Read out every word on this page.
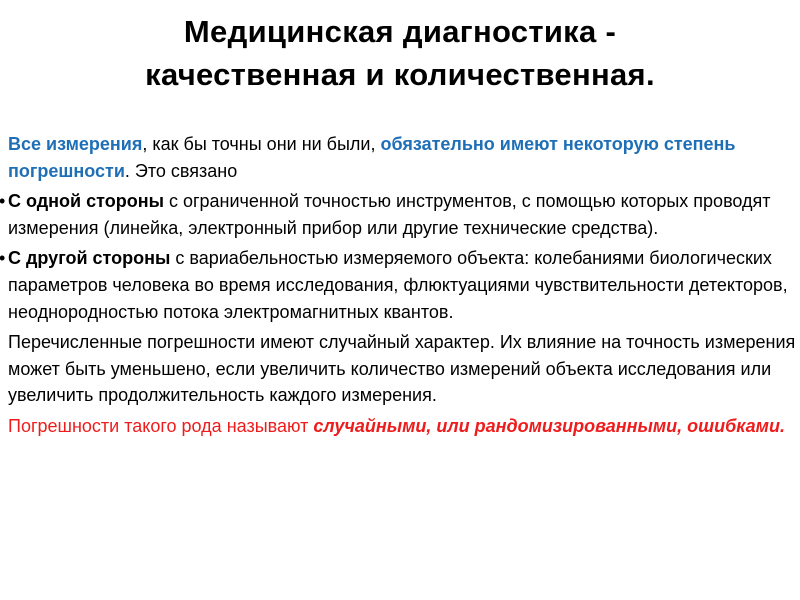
Медицинская диагностика -
качественная и количественная.

Все измерения, как бы точны они ни были, обязательно имеют некоторую степень погрешности. Это связано

• С одной стороны с ограниченной точностью инструментов, с помощью которых проводят измерения (линейка, электронный прибор или другие технические средства).

• С другой стороны с вариабельностью измеряемого объекта: колебаниями биологических параметров человека во время исследования, флюктуациями чувствительности детекторов, неоднородностью потока электромагнитных квантов.

Перечисленные погрешности имеют случайный характер. Их влияние на точность измерения может быть уменьшено, если увеличить количество измерений объекта исследования или увеличить продолжительность каждого измерения.

Погрешности такого рода называют случайными, или рандомизированными, ошибками.
